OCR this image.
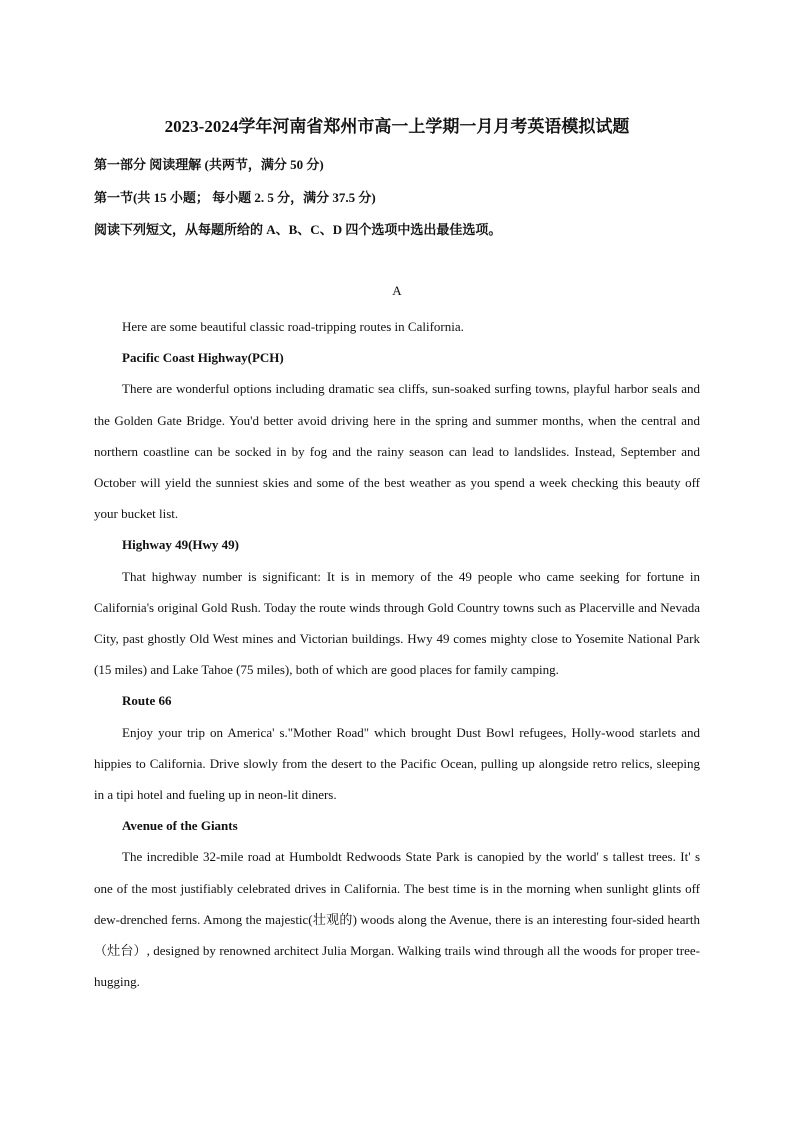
2023-2024学年河南省郑州市高一上学期一月月考英语模拟试题
第一部分 阅读理解 (共两节，满分 50 分)
第一节(共 15 小题； 每小题 2. 5 分，满分 37.5 分)
阅读下列短文，从每题所给的 A、B、C、D 四个选项中选出最佳选项。
A

Here are some beautiful classic road-tripping routes in California.

Pacific Coast Highway(PCH)

There are wonderful options including dramatic sea cliffs, sun-soaked surfing towns, playful harbor seals and the Golden Gate Bridge. You'd better avoid driving here in the spring and summer months, when the central and northern coastline can be socked in by fog and the rainy season can lead to landslides. Instead, September and October will yield the sunniest skies and some of the best weather as you spend a week checking this beauty off your bucket list.

Highway 49(Hwy 49)

That highway number is significant: It is in memory of the 49 people who came seeking for fortune in California's original Gold Rush. Today the route winds through Gold Country towns such as Placerville and Nevada City, past ghostly Old West mines and Victorian buildings. Hwy 49 comes mighty close to Yosemite National Park (15 miles) and Lake Tahoe (75 miles), both of which are good places for family camping.

Route 66

Enjoy your trip on America' s."Mother Road" which brought Dust Bowl refugees, Holly-wood starlets and hippies to California. Drive slowly from the desert to the Pacific Ocean, pulling up alongside retro relics, sleeping in a tipi hotel and fueling up in neon-lit diners.

Avenue of the Giants

The incredible 32-mile road at Humboldt Redwoods State Park is canopied by the world' s tallest trees. It' s one of the most justifiably celebrated drives in California. The best time is in the morning when sunlight glints off dew-drenched ferns. Among the majestic(壮观的) woods along the Avenue, there is an interesting four-sided hearth（灶台）, designed by renowned architect Julia Morgan. Walking trails wind through all the woods for proper tree-hugging.
